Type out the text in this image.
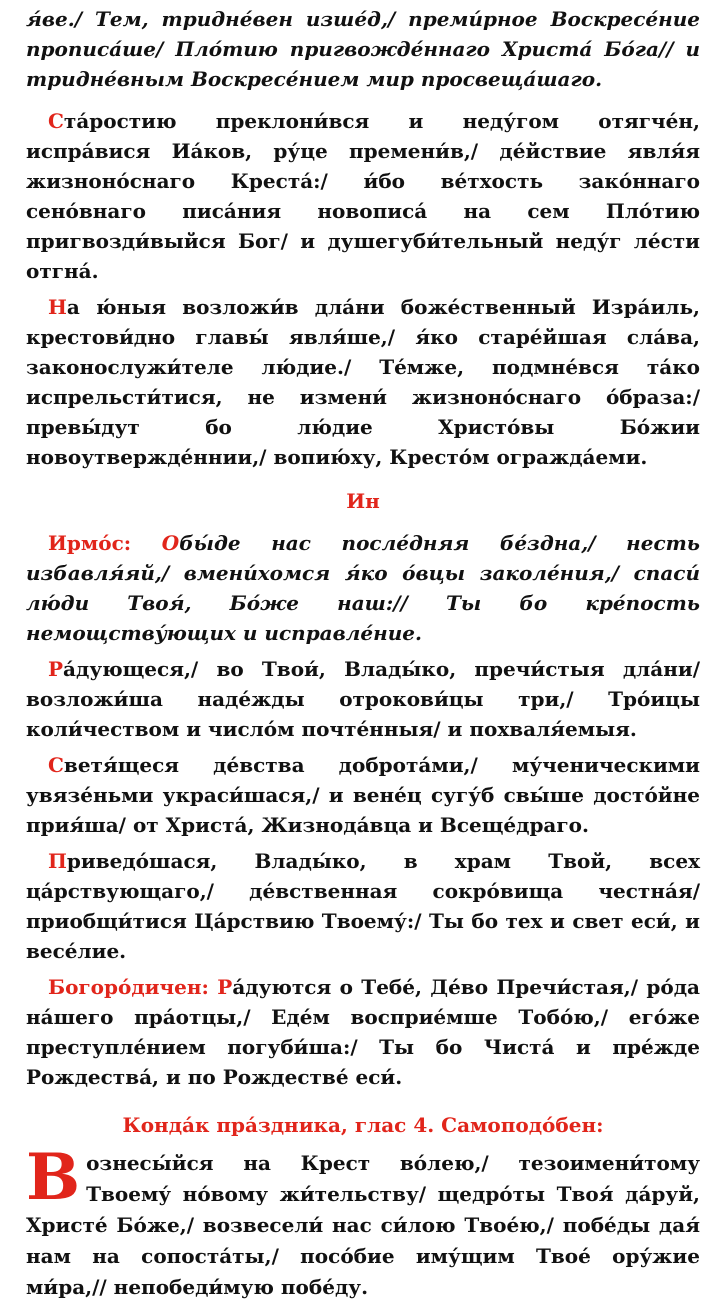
я́ве./ Тем, тридне́вен изше́д,/ преми́рное Воскресе́ние прописа́ше/ Пло́тию пригвожде́ннаго Христа́ Бо́га// и тридне́вным Воскресе́нием мир просвеща́шаго.

Ста́ростию преклони́вся и неду́гом отягче́н, испра́вися Иа́ков, ру́це премени́в,/ де́йствие явля́я жизноно́снаго Креста́:/ и́бо ве́тхость зако́ннаго сено́внаго писа́ния новописа́ на сем Пло́тию пригвозди́выйся Бог/ и душегуби́тельный неду́г ле́сти отгна́.

На ю́ныя возложи́в дла́ни боже́ственный Изра́иль, крестови́дно главы́ явля́ше,/ я́ко старе́йшая сла́ва, законослужи́теле лю́дие./ Те́мже, подмне́вся та́ко испрельсти́тися, не измени́ жизноно́снаго о́браза:/ превы́дут бо лю́дие Христо́вы Бо́жии новоутвержде́ннии,/ вопию́ху, Кресто́м огражда́еми.

Ин

Ирмо́с: Обы́де нас после́дняя бе́здна,/ несть избавля́яй,/ вмени́хомся я́ко о́вцы заколе́ния,/ спаси́ лю́ди Твоя́, Бо́же наш:// Ты бо кре́пость немощству́ющих и исправле́ние.

Ра́дующеся,/ во Твои́, Влады́ко, пречи́стыя дла́ни/ возложи́ша наде́жды отрокови́цы три,/ Тро́ицы коли́чеством и число́м почте́нныя/ и похваля́емыя.

Светя́щеся де́вства доброта́ми,/ му́ченическими увязе́ньми украси́шася,/ и вене́ц сугу́б свы́ше досто́йне прия́ша/ от Христа́, Жизнода́вца и Всеще́драго.

Приведо́шася, Влады́ко, в храм Твой, всех ца́рствующаго,/ де́вственная сокро́вища честна́я/ приобщи́тися Ца́рствию Твоему́:/ Ты бо тех и свет еси́, и весе́лие.

Богоро́дичен: Ра́дуются о Тебе́, Де́во Пречи́стая,/ ро́да на́шего пра́отцы,/ Еде́м восприе́мше Тобо́ю,/ его́же преступле́нием погуби́ша:/ Ты бо Чиста́ и пре́жде Рождества́, и по Рождестве́ еси́.

Конда́к пра́здника, глас 4. Самоподо́бен:

Вознесы́йся на Крест во́лею,/ тезоимени́тому Твоему́ но́вому жи́тельству/ щедро́ты Твоя́ да́руй, Христе́ Бо́же,/ возвесели́ нас си́лою Твое́ю,/ побе́ды дая́ нам на сопоста́ты,/ посо́бие иму́щим Твое́ ору́жие ми́ра,// непобеди́мую побе́ду.
